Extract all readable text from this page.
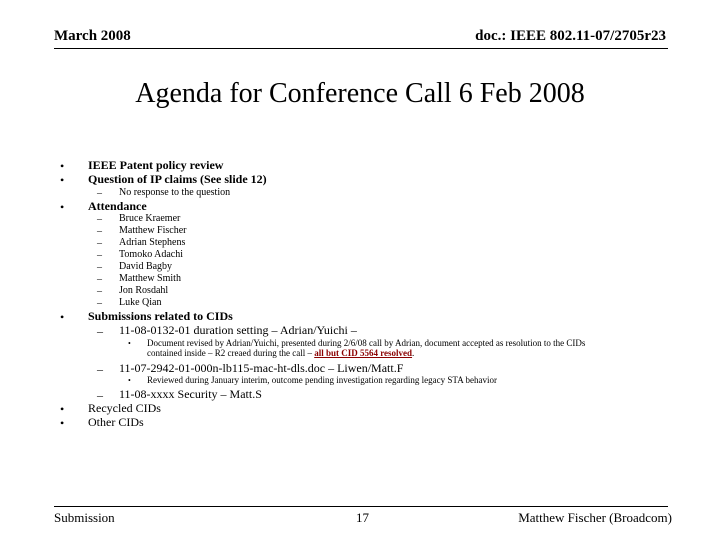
March 2008	doc.: IEEE 802.11-07/2705r23
Agenda for Conference Call 6 Feb 2008
• IEEE Patent policy review
• Question of IP claims (See slide 12)
– No response to the question
• Attendance
– Bruce Kraemer
– Matthew Fischer
– Adrian Stephens
– Tomoko Adachi
– David Bagby
– Matthew Smith
– Jon Rosdahl
– Luke Qian
• Submissions related to CIDs
– 11-08-0132-01 duration setting – Adrian/Yuichi –
• Document revised by Adrian/Yuichi, presented during 2/6/08 call by Adrian, document accepted as resolution to the CIDs
contained inside – R2 creaed during the call – all but CID 5564 resolved.
– 11-07-2942-01-000n-lb115-mac-ht-dls.doc – Liwen/Matt.F
• Reviewed during January interim, outcome pending investigation regarding legacy STA behavior
– 11-08-xxxx Security – Matt.S
• Recycled CIDs
• Other CIDs
Submission	17	Matthew Fischer (Broadcom)
